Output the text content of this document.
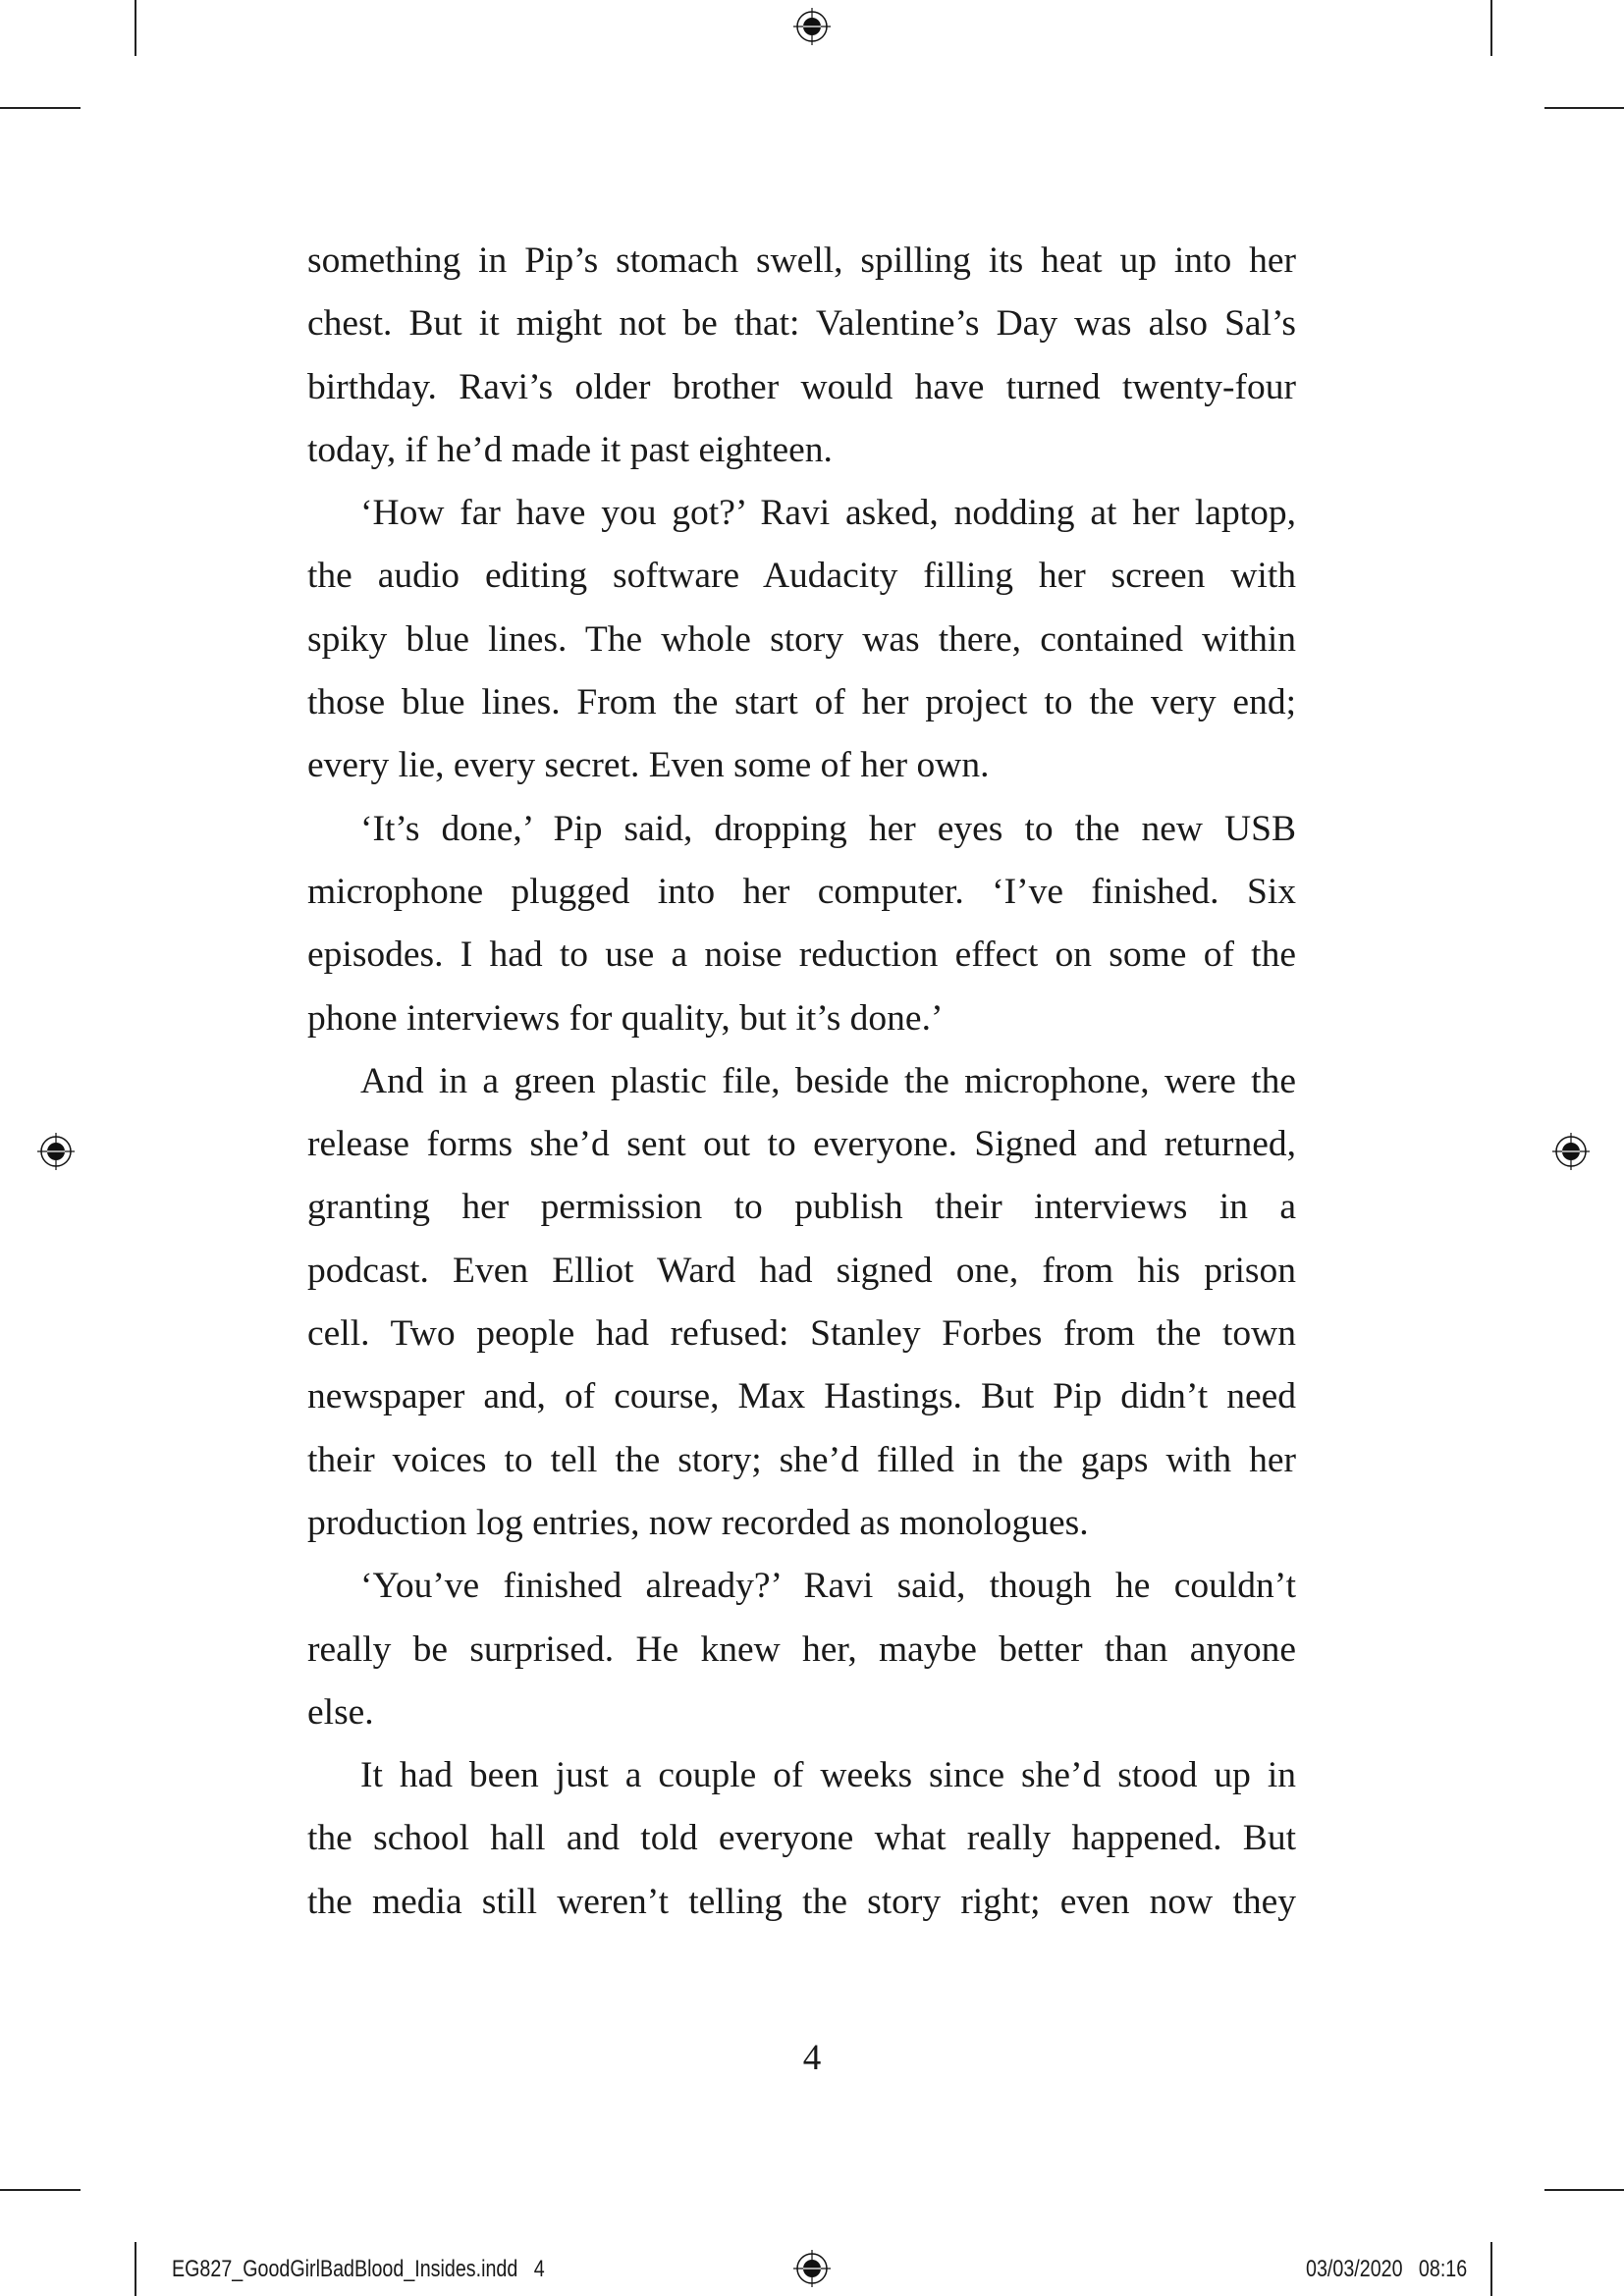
something in Pip’s stomach swell, spilling its heat up into her
chest. But it might not be that: Valentine’s Day was also Sal’s
birthday. Ravi’s older brother would have turned twenty-four
today, if he’d made it past eighteen.
‘How far have you got?’ Ravi asked, nodding at her laptop,
the audio editing software Audacity filling her screen with
spiky blue lines. The whole story was there, contained within
those blue lines. From the start of her project to the very end;
every lie, every secret. Even some of her own.
‘It’s done,’ Pip said, dropping her eyes to the new USB
microphone plugged into her computer. ‘I’ve finished. Six
episodes. I had to use a noise reduction effect on some of the
phone interviews for quality, but it’s done.’
And in a green plastic file, beside the microphone, were the
release forms she’d sent out to everyone. Signed and returned,
granting her permission to publish their interviews in a
podcast. Even Elliot Ward had signed one, from his prison
cell. Two people had refused: Stanley Forbes from the town
newspaper and, of course, Max Hastings. But Pip didn’t need
their voices to tell the story; she’d filled in the gaps with her
production log entries, now recorded as monologues.
‘You’ve finished already?’ Ravi said, though he couldn’t
really be surprised. He knew her, maybe better than anyone
else.
It had been just a couple of weeks since she’d stood up in
the school hall and told everyone what really happened. But
the media still weren’t telling the story right; even now they
4
EG827_GoodGirlBadBlood_Insides.indd   4	03/03/2020   08:16
